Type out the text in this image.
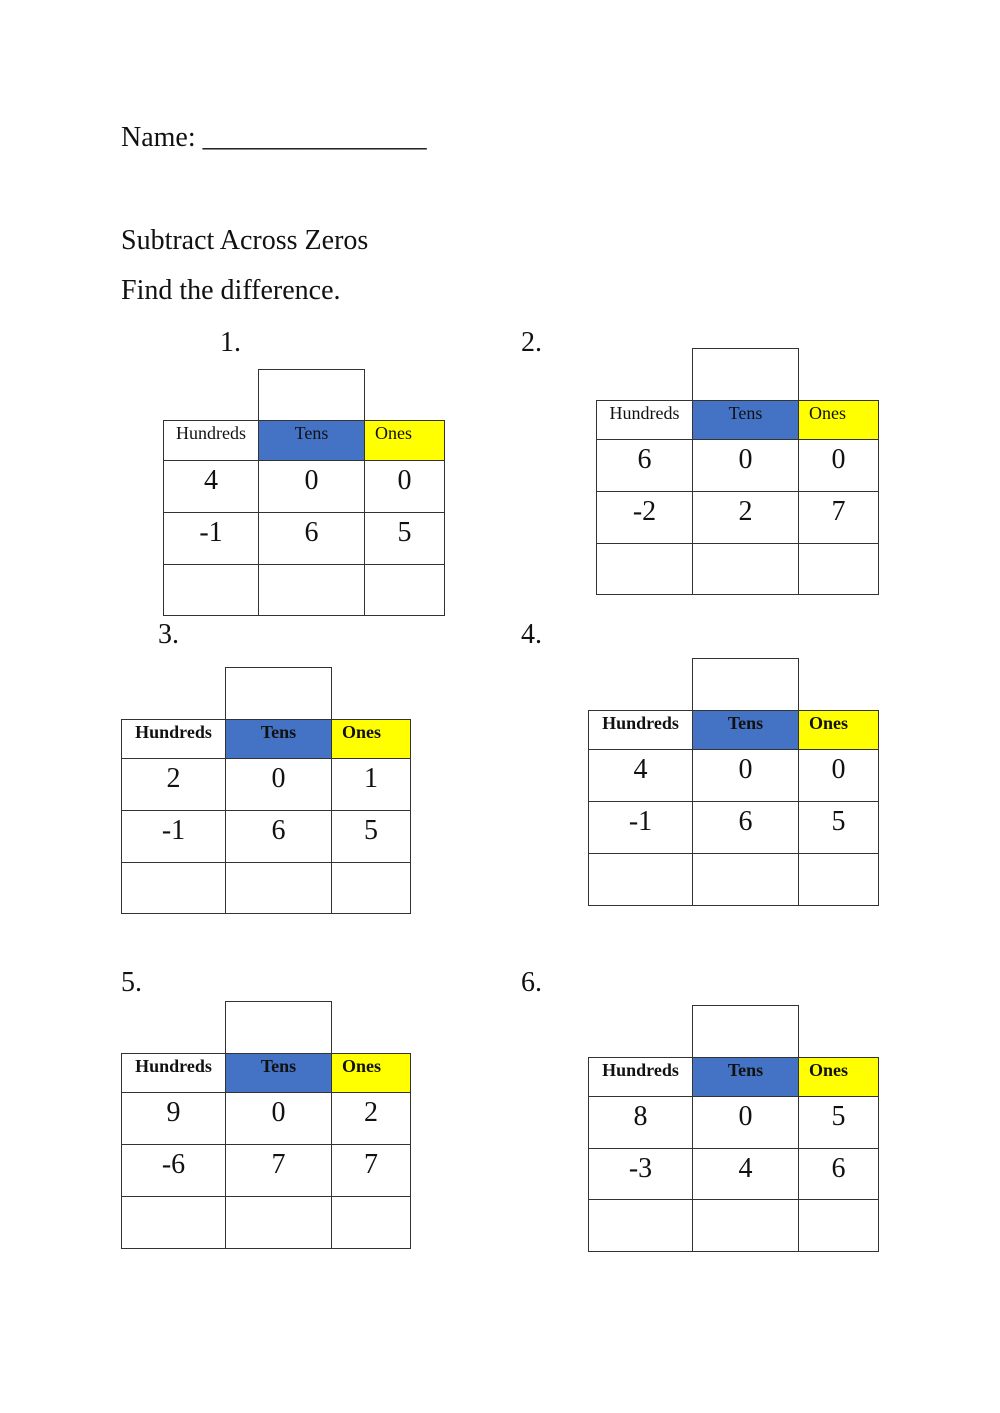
Name: ________________
Subtract Across Zeros
Find the difference.
1.
Hundreds	Tens	Ones
4	0	0
-1	6	5
2.
Hundreds	Tens	Ones
6	0	0
-2	2	7
3.
Hundreds	Tens	Ones
2	0	1
-1	6	5
4.
Hundreds	Tens	Ones
4	0	0
-1	6	5
5.
Hundreds	Tens	Ones
9	0	2
-6	7	7
6.
Hundreds	Tens	Ones
8	0	5
-3	4	6
